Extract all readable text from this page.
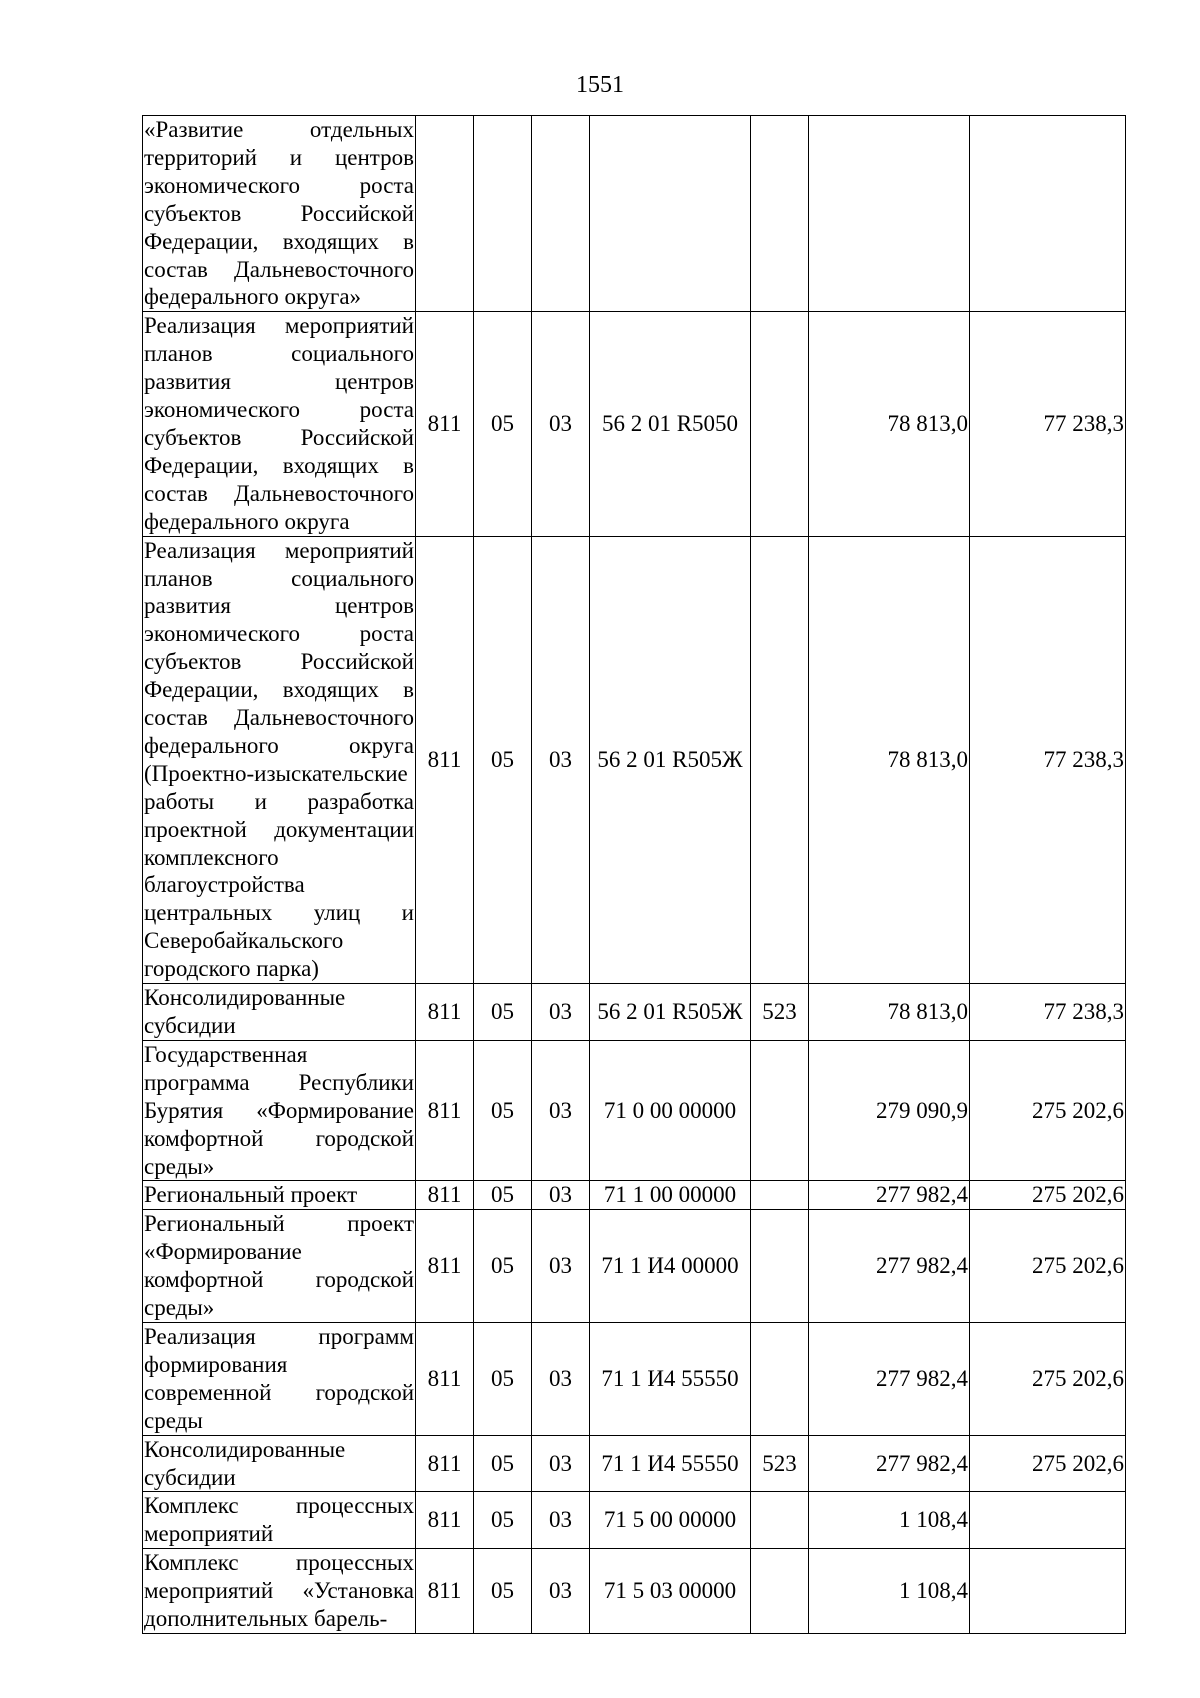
1551
«Развитие отдельных территорий и центров экономического роста субъектов Российской Федерации, входящих в состав Дальневосточного федерального округа»							
Реализация мероприятий планов социального развития центров экономического роста субъектов Российской Федерации, входящих в состав Дальневосточного федерального округа	811	05	03	56 2 01 R5050		78 813,0	77 238,3
Реализация мероприятий планов социального развития центров экономического роста субъектов Российской Федерации, входящих в состав Дальневосточного федерального округа (Проектно-изыскательские работы и разработка проектной документации комплексного благоустройства центральных улиц и Северобайкальского городского парка)	811	05	03	56 2 01 R505Ж		78 813,0	77 238,3
Консолидированные субсидии	811	05	03	56 2 01 R505Ж	523	78 813,0	77 238,3
Государственная программа Республики Бурятия «Формирование комфортной городской среды»	811	05	03	71 0 00 00000		279 090,9	275 202,6
Региональный проект	811	05	03	71 1 00 00000		277 982,4	275 202,6
Региональный проект «Формирование комфортной городской среды»	811	05	03	71 1 И4 00000		277 982,4	275 202,6
Реализация программ формирования современной городской среды	811	05	03	71 1 И4 55550		277 982,4	275 202,6
Консолидированные субсидии	811	05	03	71 1 И4 55550	523	277 982,4	275 202,6
Комплекс процессных мероприятий	811	05	03	71 5 00 00000		1 108,4	
Комплекс процессных мероприятий «Установка дополнительных барель-	811	05	03	71 5 03 00000		1 108,4	
